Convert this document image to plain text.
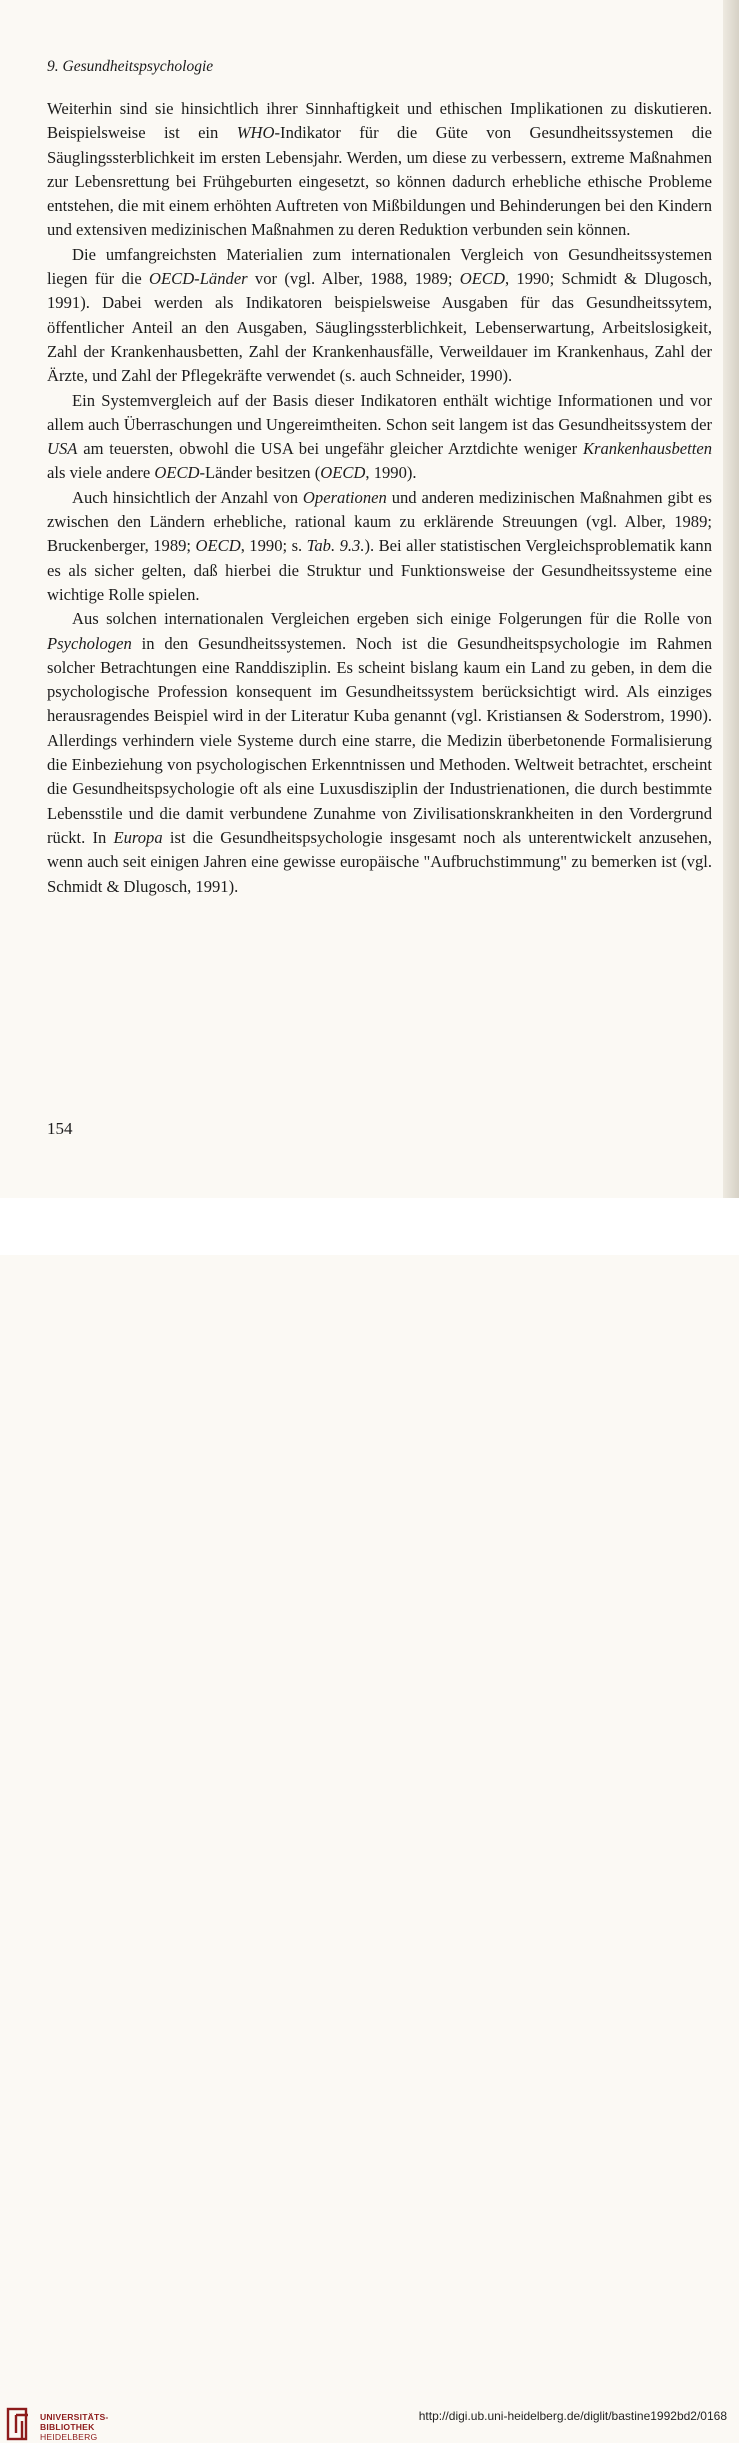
9. Gesundheitspsychologie

Weiterhin sind sie hinsichtlich ihrer Sinnhaftigkeit und ethischen Implikationen zu diskutieren. Beispielsweise ist ein WHO-Indikator für die Güte von Gesundheitssystemen die Säuglingssterblichkeit im ersten Lebensjahr. Werden, um diese zu verbessern, extreme Maßnahmen zur Lebensrettung bei Frühgeburten eingesetzt, so können dadurch erhebliche ethische Probleme entstehen, die mit einem erhöhten Auftreten von Mißbildungen und Behinderungen bei den Kindern und extensiven medizinischen Maßnahmen zu deren Reduktion verbunden sein können.

Die umfangreichsten Materialien zum internationalen Vergleich von Gesundheitssystemen liegen für die OECD-Länder vor (vgl. Alber, 1988, 1989; OECD, 1990; Schmidt & Dlugosch, 1991). Dabei werden als Indikatoren beispielsweise Ausgaben für das Gesundheitssytem, öffentlicher Anteil an den Ausgaben, Säuglingssterblichkeit, Lebenserwartung, Arbeitslosigkeit, Zahl der Krankenhausbetten, Zahl der Krankenhausfälle, Verweildauer im Krankenhaus, Zahl der Ärzte, und Zahl der Pflegekräfte verwendet (s. auch Schneider, 1990).

Ein Systemvergleich auf der Basis dieser Indikatoren enthält wichtige Informationen und vor allem auch Überraschungen und Ungereimtheiten. Schon seit langem ist das Gesundheitssystem der USA am teuersten, obwohl die USA bei ungefähr gleicher Arztdichte weniger Krankenhausbetten als viele andere OECD-Länder besitzen (OECD, 1990).

Auch hinsichtlich der Anzahl von Operationen und anderen medizinischen Maßnahmen gibt es zwischen den Ländern erhebliche, rational kaum zu erklärende Streuungen (vgl. Alber, 1989; Bruckenberger, 1989; OECD, 1990; s. Tab. 9.3.). Bei aller statistischen Vergleichsproblematik kann es als sicher gelten, daß hierbei die Struktur und Funktionsweise der Gesundheitssysteme eine wichtige Rolle spielen.

Aus solchen internationalen Vergleichen ergeben sich einige Folgerungen für die Rolle von Psychologen in den Gesundheitssystemen. Noch ist die Gesundheitspsychologie im Rahmen solcher Betrachtungen eine Randdisziplin. Es scheint bislang kaum ein Land zu geben, in dem die psychologische Profession konsequent im Gesundheitssystem berücksichtigt wird. Als einziges herausragendes Beispiel wird in der Literatur Kuba genannt (vgl. Kristiansen & Soderstrom, 1990). Allerdings verhindern viele Systeme durch eine starre, die Medizin überbetonende Formalisierung die Einbeziehung von psychologischen Erkenntnissen und Methoden. Weltweit betrachtet, erscheint die Gesundheitspsychologie oft als eine Luxusdisziplin der Industrienationen, die durch bestimmte Lebensstile und die damit verbundene Zunahme von Zivilisationskrankheiten in den Vordergrund rückt. In Europa ist die Gesundheitspsychologie insgesamt noch als unterentwickelt anzusehen, wenn auch seit einigen Jahren eine gewisse europäische "Aufbruchstimmung" zu bemerken ist (vgl. Schmidt & Dlugosch, 1991).

154
UNIVERSITÄTS-
BIBLIOTHEK
HEIDELBERG
http://digi.ub.uni-heidelberg.de/diglit/bastine1992bd2/0168
